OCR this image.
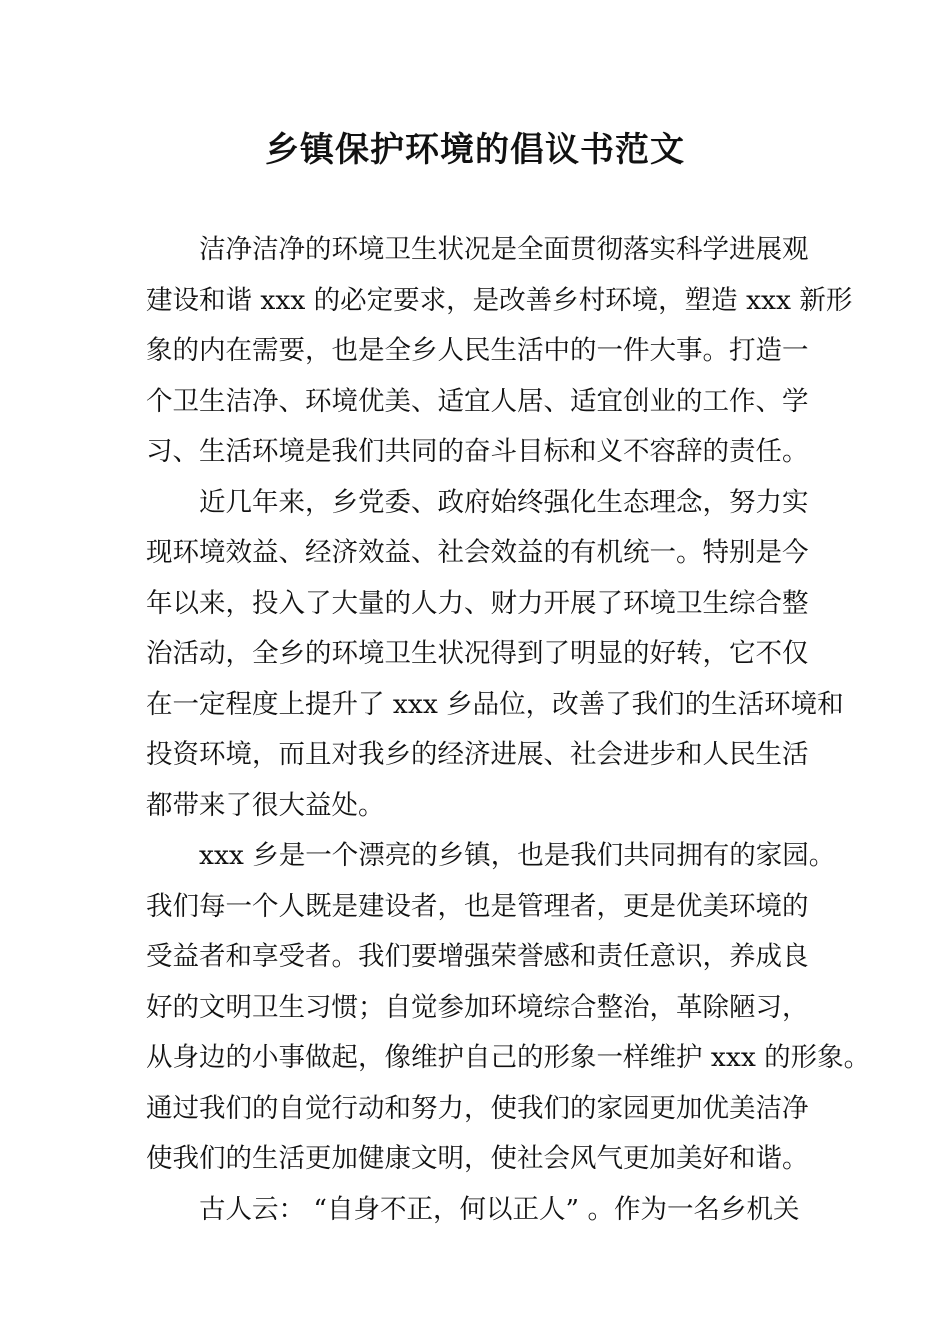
乡镇保护环境的倡议书范文
洁净洁净的环境卫生状况是全面贯彻落实科学进展观
建设和谐 xxx 的必定要求，是改善乡村环境，塑造 xxx 新形
象的内在需要，也是全乡人民生活中的一件大事。打造一
个卫生洁净、环境优美、适宜人居、适宜创业的工作、学
习、生活环境是我们共同的奋斗目标和义不容辞的责任。
近几年来，乡党委、政府始终强化生态理念，努力实
现环境效益、经济效益、社会效益的有机统一。特别是今
年以来，投入了大量的人力、财力开展了环境卫生综合整
治活动，全乡的环境卫生状况得到了明显的好转，它不仅
在一定程度上提升了 xxx 乡品位，改善了我们的生活环境和
投资环境，而且对我乡的经济进展、社会进步和人民生活
都带来了很大益处。
xxx 乡是一个漂亮的乡镇，也是我们共同拥有的家园。
我们每一个人既是建设者，也是管理者，更是优美环境的
受益者和享受者。我们要增强荣誉感和责任意识，养成良
好的文明卫生习惯；自觉参加环境综合整治，革除陋习，
从身边的小事做起，像维护自己的形象一样维护 xxx 的形象。
通过我们的自觉行动和努力，使我们的家园更加优美洁净
使我们的生活更加健康文明，使社会风气更加美好和谐。
古人云： “自身不正，何以正人” 。作为一名乡机关
